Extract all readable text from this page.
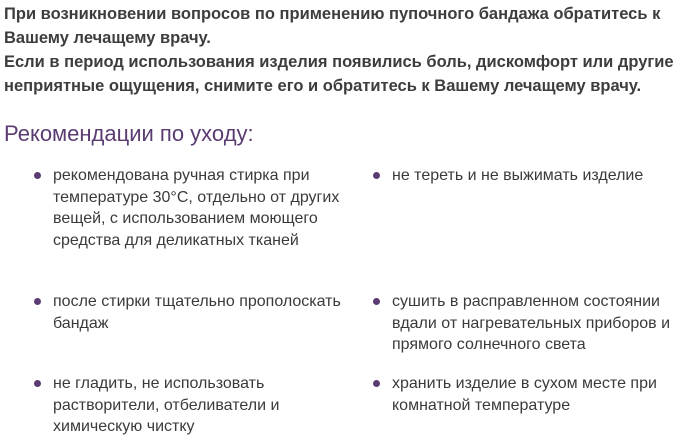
При возникновении вопросов по применению пупочного бандажа обратитесь к Вашему лечащему врачу.

Если в период использования изделия появились боль, дискомфорт или другие неприятные ощущения, снимите его и обратитесь к Вашему лечащему врачу.

Рекомендации по уходу:
рекомендована ручная стирка при температуре 30°С, отдельно от других вещей, с использованием моющего средства для деликатных тканей
не тереть и не выжимать изделие
после стирки тщательно прополоскать бандаж
сушить в расправленном состоянии вдали от нагревательных приборов и прямого солнечного света
не гладить, не использовать растворители, отбеливатели и химическую чистку
хранить изделие в сухом месте при комнатной температуре
